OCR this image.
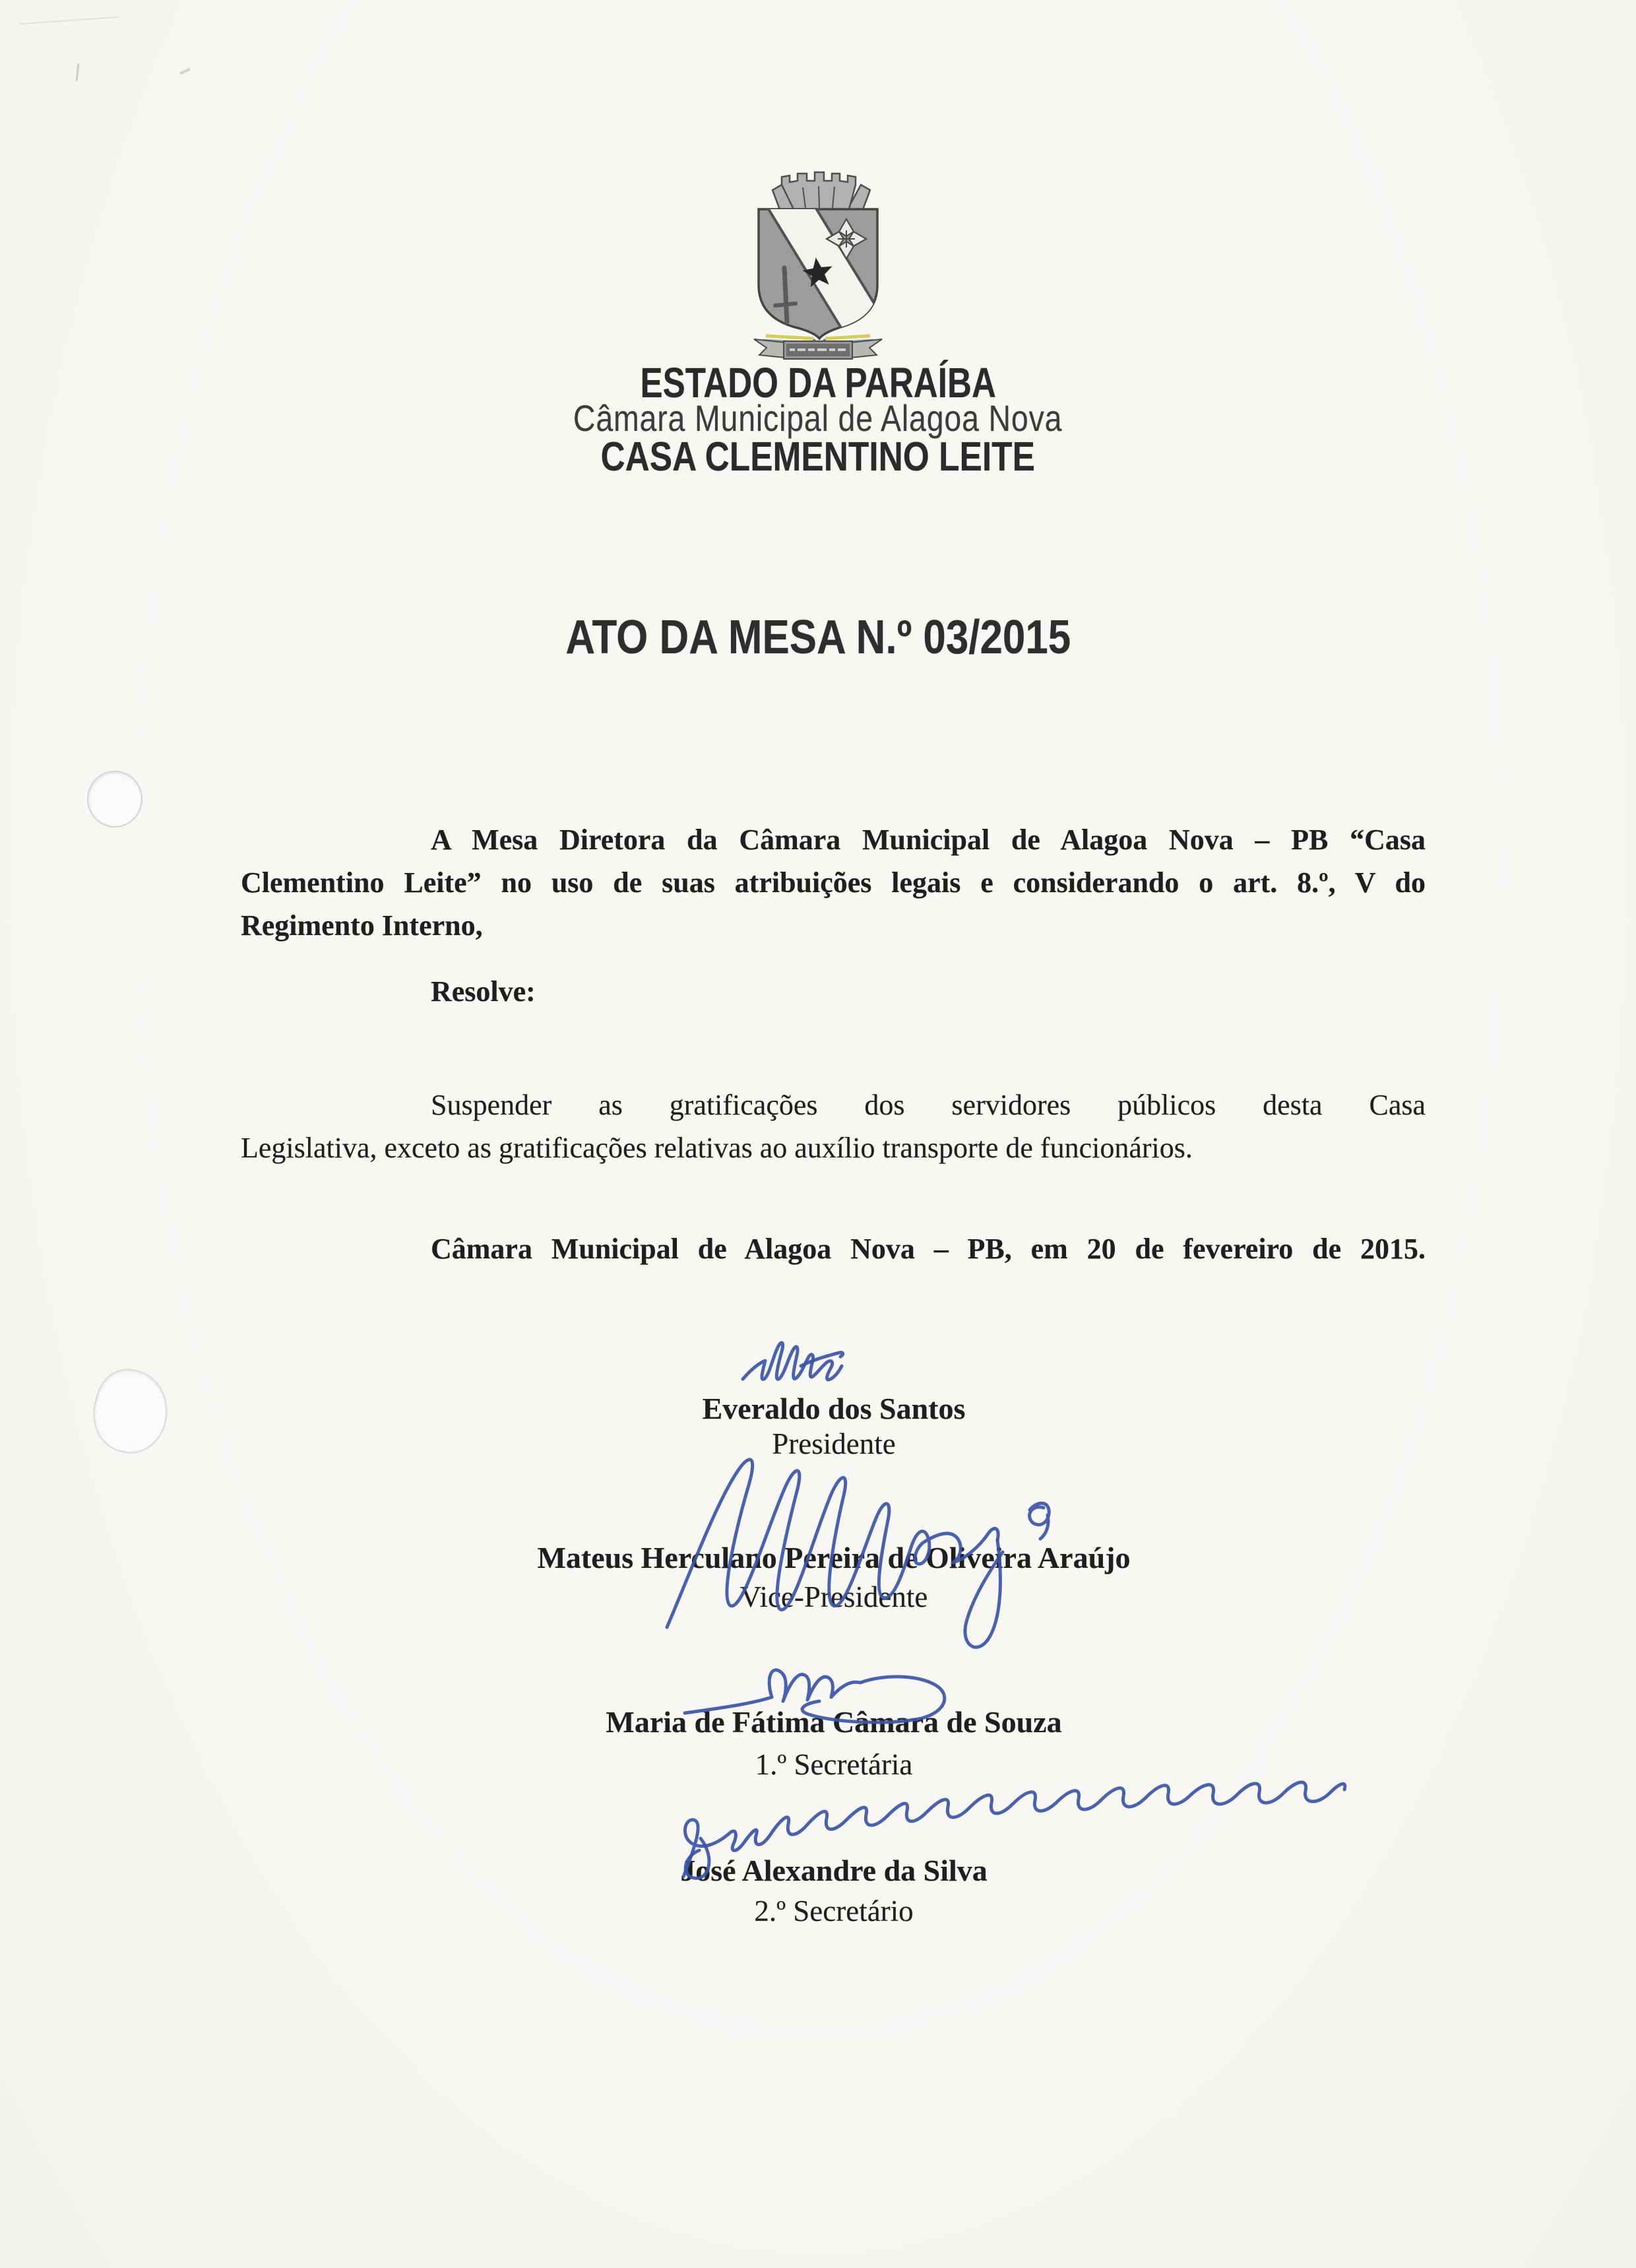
ESTADO DA PARAÍBA
Câmara Municipal de Alagoa Nova
CASA CLEMENTINO LEITE
ATO DA MESA N.º 03/2015
A Mesa Diretora da Câmara Municipal de Alagoa Nova – PB “Casa
Clementino Leite” no uso de suas atribuições legais e considerando o art. 8.º, V do
Regimento Interno,
Resolve:
Suspender as gratificações dos servidores públicos desta Casa
Legislativa, exceto as gratificações relativas ao auxílio transporte de funcionários.
Câmara Municipal de Alagoa Nova – PB, em 20 de fevereiro de 2015.
Everaldo dos Santos
Presidente
Mateus Herculano Pereira de Oliveira Araújo
Vice-Presidente
Maria de Fátima Câmara de Souza
1.º Secretária
José Alexandre da Silva
2.º Secretário
